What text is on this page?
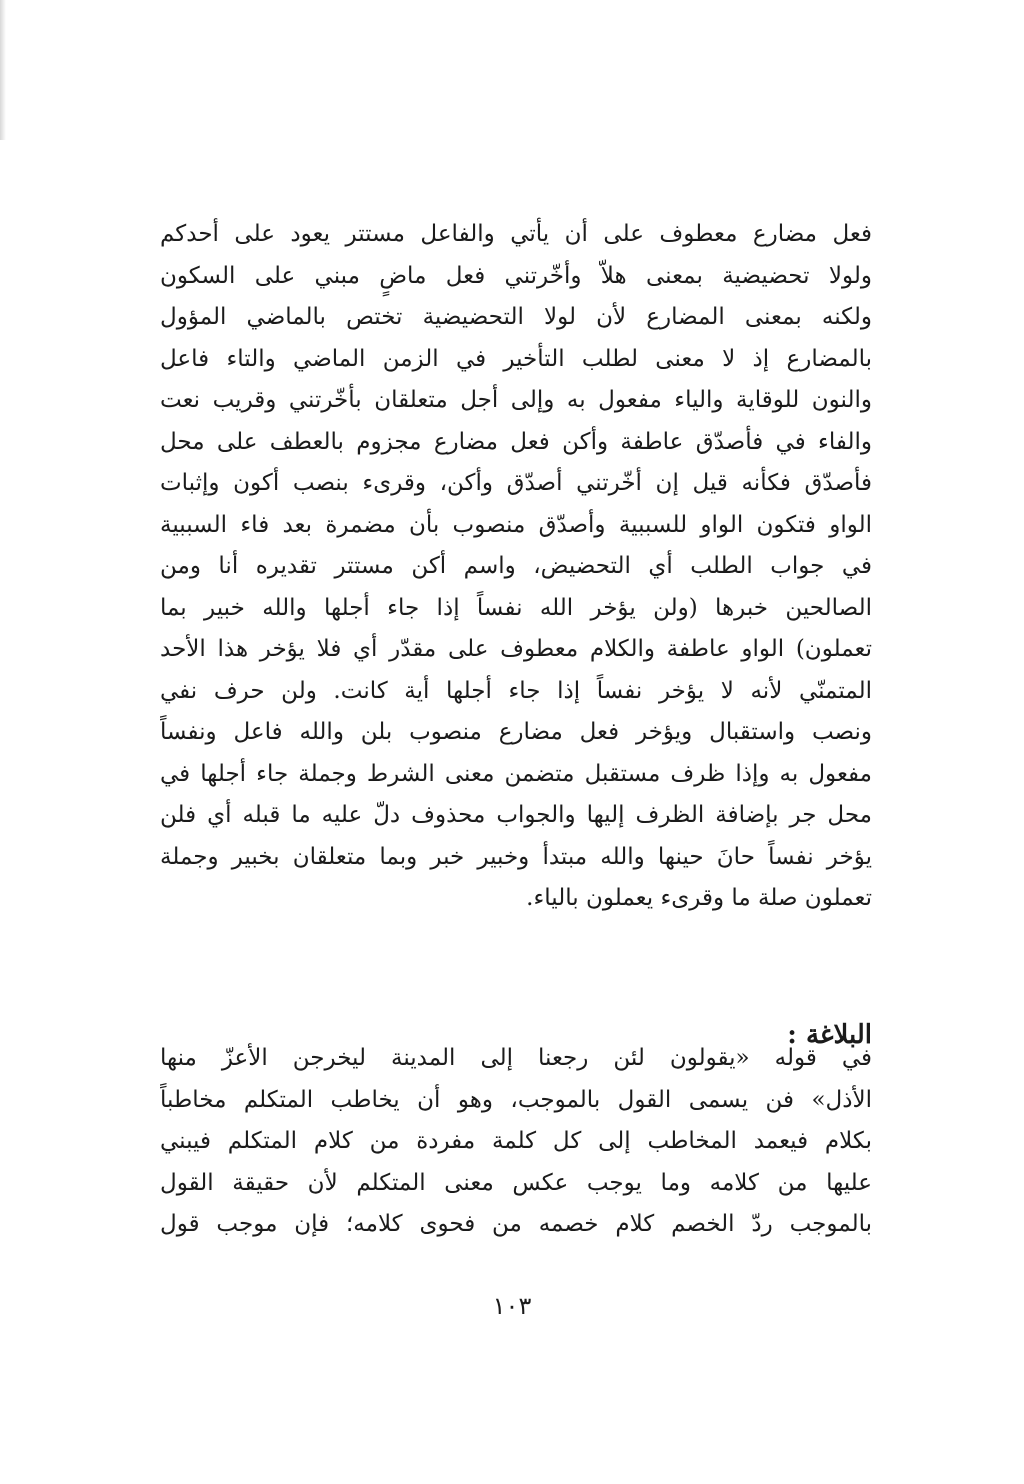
فعل مضارع معطوف على أن يأتي والفاعل مستتر يعود على أحدكم
ولولا تحضيضية بمعنى هلاّ وأخّرتني فعل ماضٍ مبني على السكون
ولكنه بمعنى المضارع لأن لولا التحضيضية تختص بالماضي المؤول
بالمضارع إذ لا معنى لطلب التأخير في الزمن الماضي والتاء فاعل
والنون للوقاية والياء مفعول به وإلى أجل متعلقان بأخّرتني وقريب نعت
والفاء في فأصدّق عاطفة وأكن فعل مضارع مجزوم بالعطف على محل
فأصدّق فكأنه قيل إن أخّرتني أصدّق وأكن، وقرىء بنصب أكون وإثبات
الواو فتكون الواو للسببية وأصدّق منصوب بأن مضمرة بعد فاء السببية
في جواب الطلب أي التحضيض، واسم أكن مستتر تقديره أنا ومن
الصالحين خبرها (ولن يؤخر الله نفساً إذا جاء أجلها والله خبير بما
تعملون) الواو عاطفة والكلام معطوف على مقدّر أي فلا يؤخر هذا الأحد
المتمنّي لأنه لا يؤخر نفساً إذا جاء أجلها أية كانت. ولن حرف نفي
ونصب واستقبال ويؤخر فعل مضارع منصوب بلن والله فاعل ونفساً
مفعول به وإذا ظرف مستقبل متضمن معنى الشرط وجملة جاء أجلها في
محل جر بإضافة الظرف إليها والجواب محذوف دلّ عليه ما قبله أي فلن
يؤخر نفساً حانَ حينها والله مبتدأ وخبير خبر وبما متعلقان بخبير وجملة
تعملون صلة ما وقرىء يعملون بالياء.
البلاغة :
في قوله «يقولون لئن رجعنا إلى المدينة ليخرجن الأعزّ منها
الأذل» فن يسمى القول بالموجب، وهو أن يخاطب المتكلم مخاطباً
بكلام فيعمد المخاطب إلى كل كلمة مفردة من كلام المتكلم فيبني
عليها من كلامه وما يوجب عكس معنى المتكلم لأن حقيقة القول
بالموجب ردّ الخصم كلام خصمه من فحوى كلامه؛ فإن موجب قول
١٠٣
